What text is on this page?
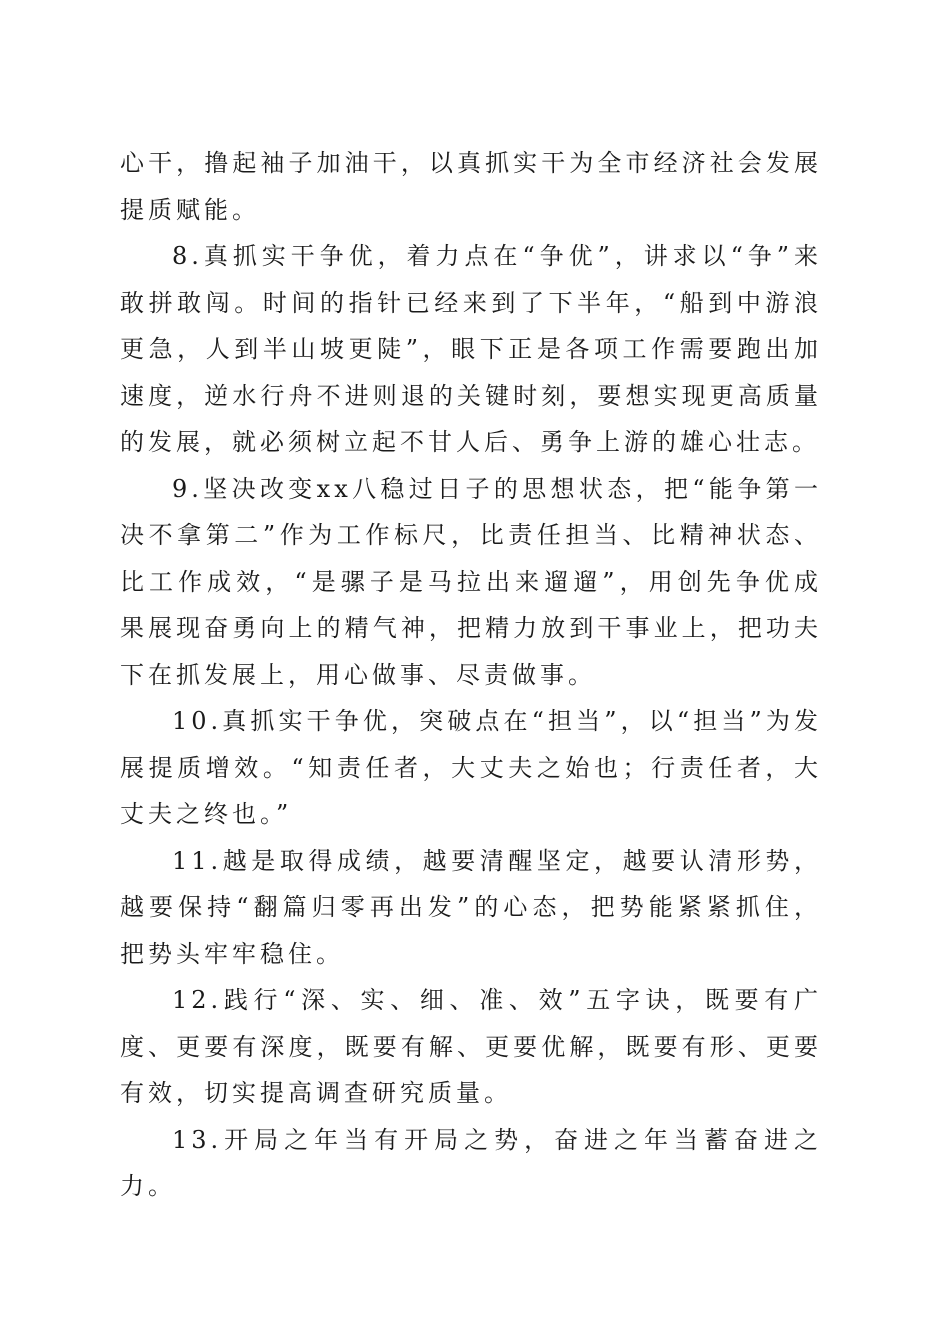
心干，撸起袖子加油干，以真抓实干为全市经济社会发展提质赋能。

8.真抓实干争优，着力点在“争优”，讲求以“争”来敢拼敢闯。时间的指针已经来到了下半年，“船到中游浪更急，人到半山坡更陡”，眼下正是各项工作需要跑出加速度，逆水行舟不进则退的关键时刻，要想实现更高质量的发展，就必须树立起不甘人后、勇争上游的雄心壮志。

9.坚决改变xx八稳过日子的思想状态，把“能争第一决不拿第二”作为工作标尺，比责任担当、比精神状态、比工作成效，“是骡子是马拉出来遛遛”，用创先争优成果展现奋勇向上的精气神，把精力放到干事业上，把功夫下在抓发展上，用心做事、尽责做事。

10.真抓实干争优，突破点在“担当”，以“担当”为发展提质增效。“知责任者，大丈夫之始也；行责任者，大丈夫之终也。”

11.越是取得成绩，越要清醒坚定，越要认清形势，越要保持“翻篇归零再出发”的心态，把势能紧紧抓住，把势头牢牢稳住。

12.践行“深、实、细、准、效”五字诀，既要有广度、更要有深度，既要有解、更要优解，既要有形、更要有效，切实提高调查研究质量。

13.开局之年当有开局之势，奋进之年当蓄奋进之力。
